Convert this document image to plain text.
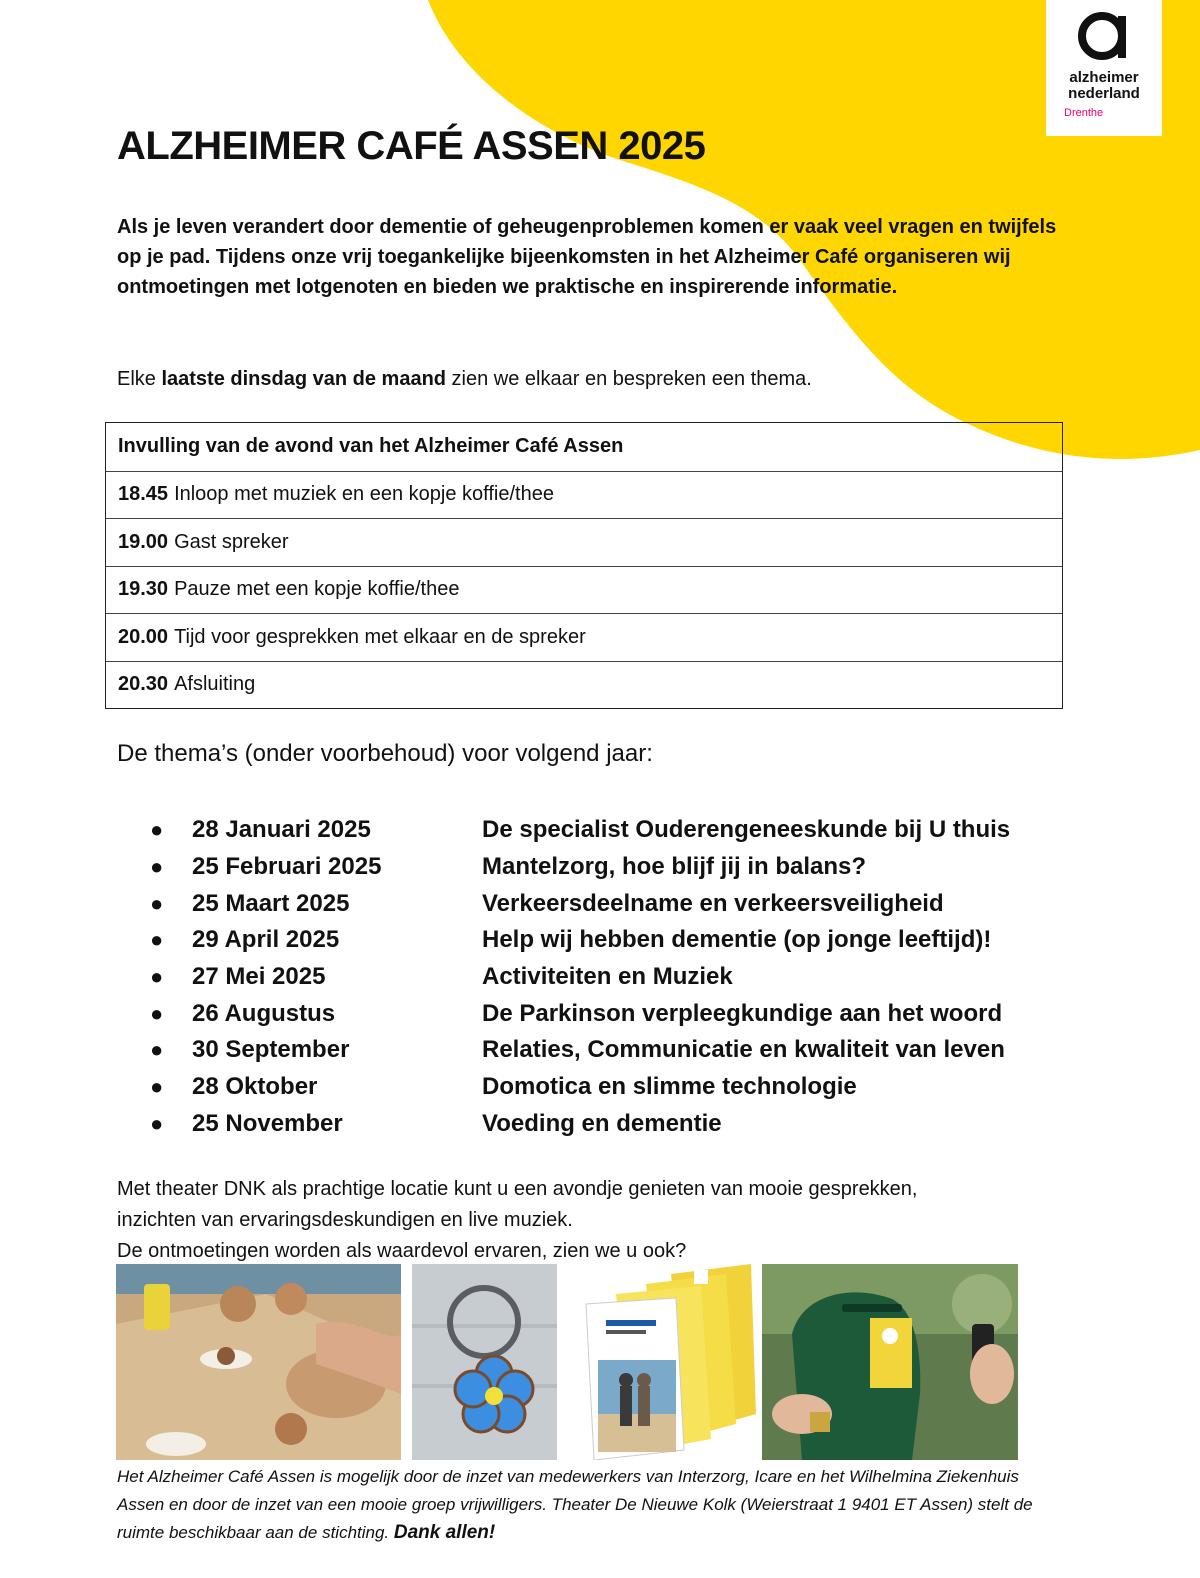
alzheimer
nederland
Drenthe
ALZHEIMER CAFÉ ASSEN 2025

Als je leven verandert door dementie of geheugenproblemen komen er vaak veel vragen en twijfels op je pad. Tijdens onze vrij toegankelijke bijeenkomsten in het Alzheimer Café organiseren wij ontmoetingen met lotgenoten en bieden we praktische en inspirerende informatie.

Elke laatste dinsdag van de maand zien we elkaar en bespreken een thema.

Invulling van de avond van het Alzheimer Café Assen
18.45 Inloop met muziek en een kopje koffie/thee
19.00 Gast spreker
19.30 Pauze met een kopje koffie/thee
20.00 Tijd voor gesprekken met elkaar en de spreker
20.30 Afsluiting

De thema’s (onder voorbehoud) voor volgend jaar:

●	28 Januari 2025	De specialist Ouderengeneeskunde bij U thuis
●	25 Februari 2025	Mantelzorg, hoe blijf jij in balans?
●	25 Maart 2025	Verkeersdeelname en verkeersveiligheid
●	29 April 2025	Help wij hebben dementie (op jonge leeftijd)!
●	27 Mei 2025	Activiteiten en Muziek
●	26 Augustus	De Parkinson verpleegkundige aan het woord
●	30 September	Relaties, Communicatie en kwaliteit van leven
●	28 Oktober	Domotica en slimme technologie
●	25 November	Voeding en dementie

Met theater DNK als prachtige locatie kunt u een avondje genieten van mooie gesprekken,
inzichten van ervaringsdeskundigen en live muziek.
De ontmoetingen worden als waardevol ervaren, zien we u ook?

Het Alzheimer Café Assen is mogelijk door de inzet van medewerkers van Interzorg, Icare en het Wilhelmina Ziekenhuis Assen en door de inzet van een mooie groep vrijwilligers. Theater De Nieuwe Kolk (Weierstraat 1 9401 ET Assen) stelt de ruimte beschikbaar aan de stichting. Dank allen!
